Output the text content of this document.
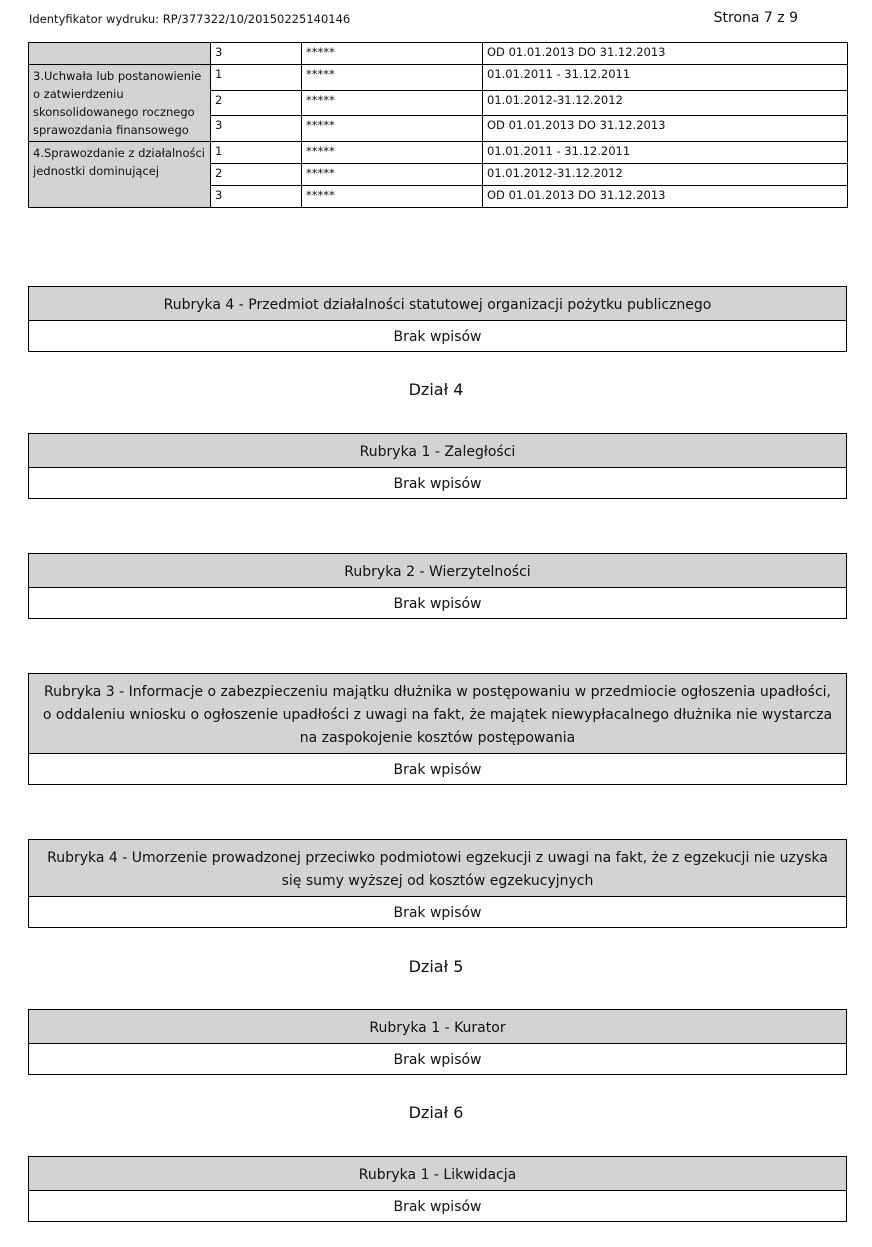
Identyfikator wydruku: RP/377322/10/20150225140146	Strona 7 z 9
	3	*****	OD 01.01.2013 DO 31.12.2013
3.Uchwała lub postanowienie o zatwierdzeniu skonsolidowanego rocznego sprawozdania finansowego	1	*****	01.01.2011 - 31.12.2011
	2	*****	01.01.2012-31.12.2012
	3	*****	OD 01.01.2013 DO 31.12.2013
4.Sprawozdanie z działalności jednostki dominującej	1	*****	01.01.2011 - 31.12.2011
	2	*****	01.01.2012-31.12.2012
	3	*****	OD 01.01.2013 DO 31.12.2013
Rubryka 4 - Przedmiot działalności statutowej organizacji pożytku publicznego
Brak wpisów
Dział 4
Rubryka 1 - Zaległości
Brak wpisów
Rubryka 2 - Wierzytelności
Brak wpisów
Rubryka 3 - Informacje o zabezpieczeniu majątku dłużnika w postępowaniu w przedmiocie ogłoszenia upadłości, o oddaleniu wniosku o ogłoszenie upadłości z uwagi na fakt, że majątek niewypłacalnego dłużnika nie wystarcza na zaspokojenie kosztów postępowania
Brak wpisów
Rubryka 4 - Umorzenie prowadzonej przeciwko podmiotowi egzekucji z uwagi na fakt, że z egzekucji nie uzyska się sumy wyższej od kosztów egzekucyjnych
Brak wpisów
Dział 5
Rubryka 1 - Kurator
Brak wpisów
Dział 6
Rubryka 1 - Likwidacja
Brak wpisów
